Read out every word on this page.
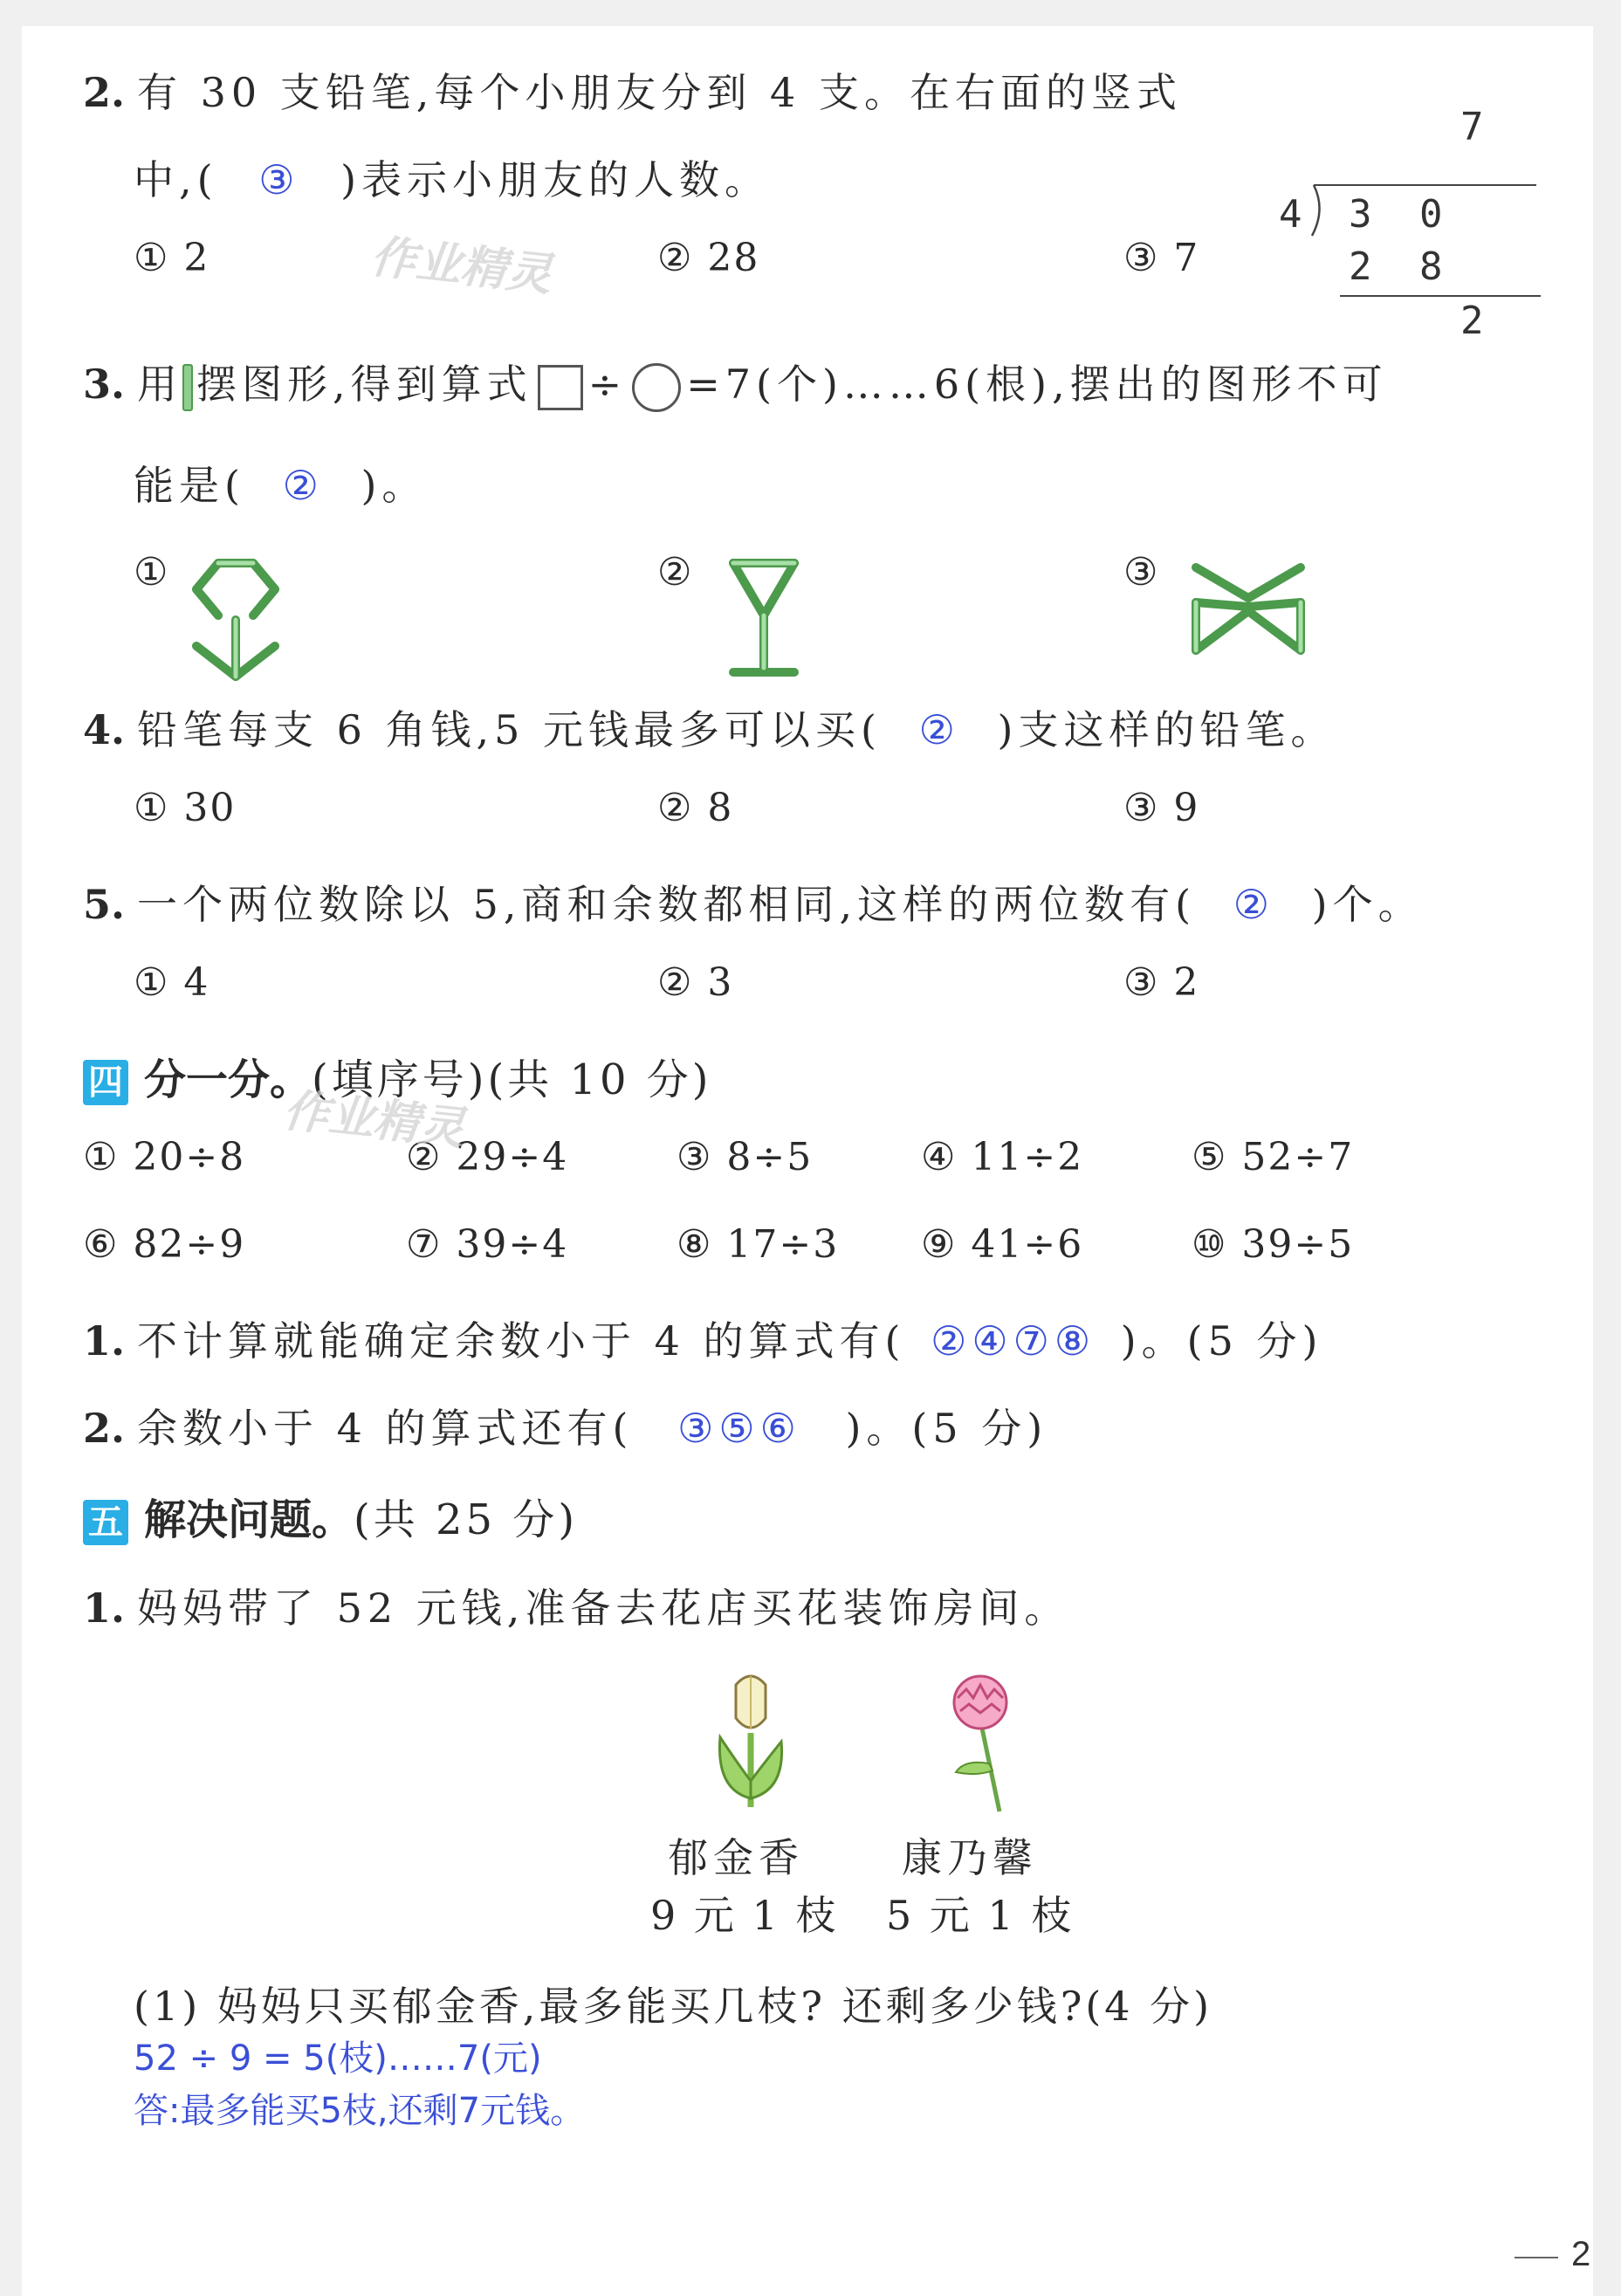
2. 有 30 支铅笔,每个小朋友分到 4 支。在右面的竖式
中,( ③ )表示小朋友的人数。
① 2	② 28	③ 7
7
4 3 0
2 8
2
作业精灵
3. 用 摆图形,得到算式 ÷ =7(个)……6(根),摆出的图形不可
能是( ② )。
①	②	③
4. 铅笔每支 6 角钱,5 元钱最多可以买( ② )支这样的铅笔。
① 30	② 8	③ 9
5. 一个两位数除以 5,商和余数都相同,这样的两位数有( ② )个。
① 4	② 3	③ 2
四 分一分。(填序号)(共 10 分)
① 20÷8	② 29÷4	③ 8÷5	④ 11÷2	⑤ 52÷7
⑥ 82÷9	⑦ 39÷4	⑧ 17÷3 ⑨ 41÷6	⑩ 39÷5
1. 不计算就能确定余数小于 4 的算式有( ②④⑦⑧ )。(5 分)
2. 余数小于 4 的算式还有( ③⑤⑥ )。(5 分)
五 解决问题。(共 25 分)
1. 妈妈带了 52 元钱,准备去花店买花装饰房间。
郁金香
9 元 1 枝
康乃馨
5 元 1 枝
(1) 妈妈只买郁金香,最多能买几枝? 还剩多少钱?(4 分)
52 ÷ 9 = 5(枝)……7(元)
答:最多能买5枝,还剩7元钱。
作业精灵
2
